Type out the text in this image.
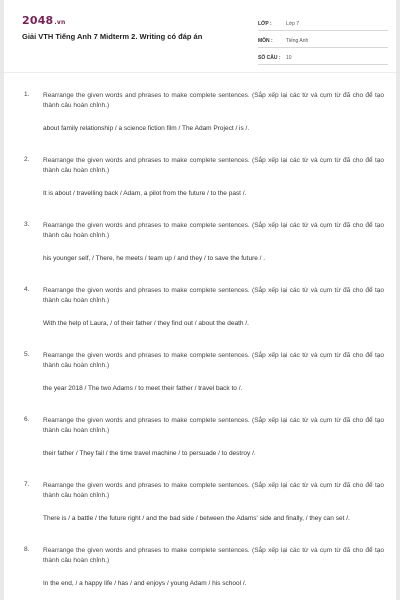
2048.vn
Giải VTH Tiếng Anh 7 Midterm 2. Writing có đáp án
LỚP :	Lớp 7
MÔN :	Tiếng Anh
SỐ CÂU :	10
1. Rearrange the given words and phrases to make complete sentences. (Sắp xếp lại các từ và cụm từ đã cho để tạo thành câu hoàn chỉnh.)

about family relationship / a science fiction film / The Adam Project / is /.

2. Rearrange the given words and phrases to make complete sentences. (Sắp xếp lại các từ và cụm từ đã cho để tạo thành câu hoàn chỉnh.)

It is about / travelling back / Adam, a pilot from the future / to the past /.

3. Rearrange the given words and phrases to make complete sentences. (Sắp xếp lại các từ và cụm từ đã cho để tạo thành câu hoàn chỉnh.)

his younger self, / There, he meets / team up / and they / to save the future / .

4. Rearrange the given words and phrases to make complete sentences. (Sắp xếp lại các từ và cụm từ đã cho để tạo thành câu hoàn chỉnh.)

With the help of Laura, / of their father / they find out / about the death /.

5. Rearrange the given words and phrases to make complete sentences. (Sắp xếp lại các từ và cụm từ đã cho để tạo thành câu hoàn chỉnh.)

the year 2018 / The two Adams / to meet their father / travel back to /.

6. Rearrange the given words and phrases to make complete sentences. (Sắp xếp lại các từ và cụm từ đã cho để tạo thành câu hoàn chỉnh.)

their father / They fail / the time travel machine / to persuade / to destroy /.

7. Rearrange the given words and phrases to make complete sentences. (Sắp xếp lại các từ và cụm từ đã cho để tạo thành câu hoàn chỉnh.)

There is / a battle / the future right / and the bad side / between the Adams' side and finally, / they can set /.

8. Rearrange the given words and phrases to make complete sentences. (Sắp xếp lại các từ và cụm từ đã cho để tạo thành câu hoàn chỉnh.)

In the end, / a happy life / has / and enjoys / young Adam / his school /.
